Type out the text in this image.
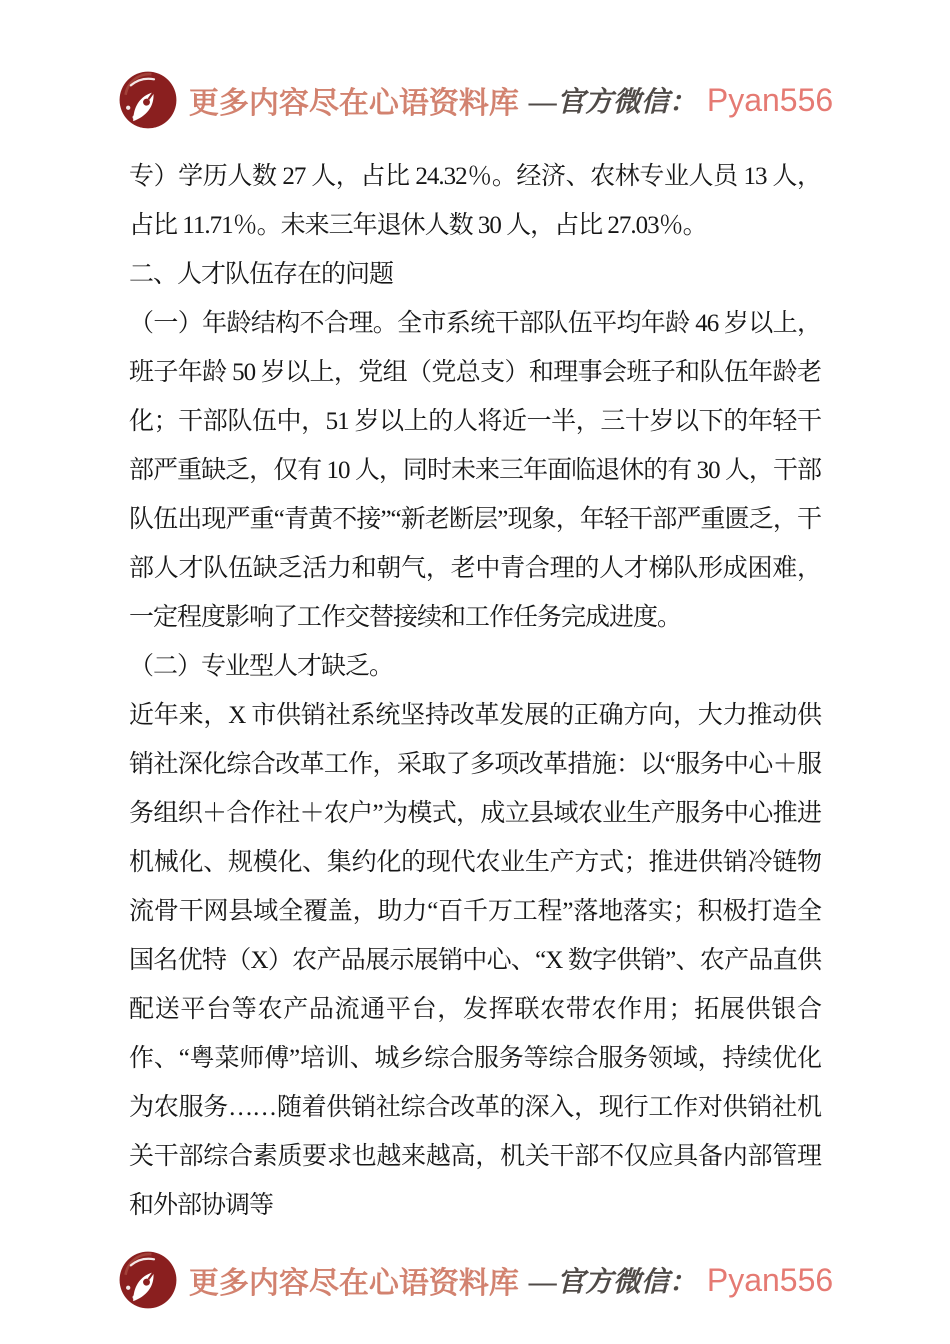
更多内容尽在心语资料库 —官方微信： Pyan556

专）学历人数 27 人，占比 24.32％。经济、农林专业人员 13 人，占比 11.71％。未来三年退休人数 30 人，占比 27.03％。

二、人才队伍存在的问题

（一）年龄结构不合理。全市系统干部队伍平均年龄 46 岁以上，班子年龄 50 岁以上，党组（党总支）和理事会班子和队伍年龄老化；干部队伍中，51 岁以上的人将近一半，三十岁以下的年轻干部严重缺乏，仅有 10 人，同时未来三年面临退休的有 30 人，干部队伍出现严重“青黄不接”“新老断层”现象，年轻干部严重匮乏，干部人才队伍缺乏活力和朝气，老中青合理的人才梯队形成困难，一定程度影响了工作交替接续和工作任务完成进度。

（二）专业型人才缺乏。

近年来，X 市供销社系统坚持改革发展的正确方向，大力推动供销社深化综合改革工作，采取了多项改革措施：以“服务中心＋服务组织＋合作社＋农户”为模式，成立县域农业生产服务中心推进机械化、规模化、集约化的现代农业生产方式；推进供销冷链物流骨干网县域全覆盖，助力“百千万工程”落地落实；积极打造全国名优特（X）农产品展示展销中心、“X 数字供销”、农产品直供配送平台等农产品流通平台，发挥联农带农作用；拓展供银合作、“粤菜师傅”培训、城乡综合服务等综合服务领域，持续优化为农服务……随着供销社综合改革的深入，现行工作对供销社机关干部综合素质要求也越来越高，机关干部不仅应具备内部管理和外部协调等

更多内容尽在心语资料库 —官方微信： Pyan556
